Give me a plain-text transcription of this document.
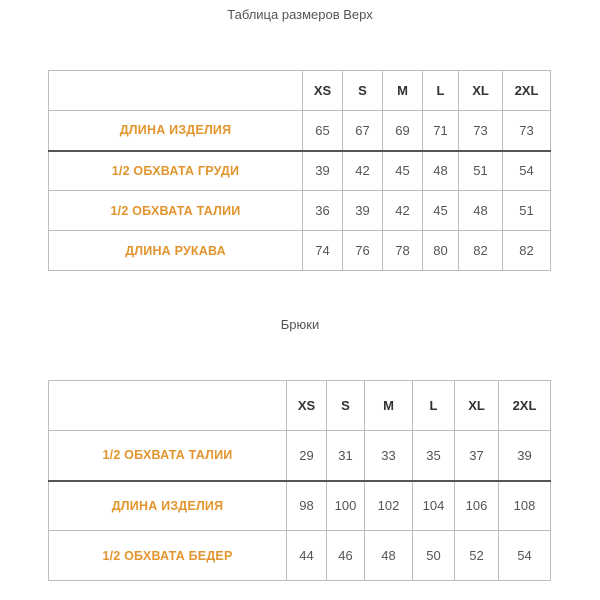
Таблица размеров Верх
	XS	S	M	L	XL	2XL
ДЛИНА ИЗДЕЛИЯ	65	67	69	71	73	73
1/2 ОБХВАТА ГРУДИ	39	42	45	48	51	54
1/2 ОБХВАТА ТАЛИИ	36	39	42	45	48	51
ДЛИНА РУКАВА	74	76	78	80	82	82
Брюки
	XS	S	M	L	XL	2XL
1/2 ОБХВАТА ТАЛИИ	29	31	33	35	37	39
ДЛИНА ИЗДЕЛИЯ	98	100	102	104	106	108
1/2 ОБХВАТА БЕДЕР	44	46	48	50	52	54
